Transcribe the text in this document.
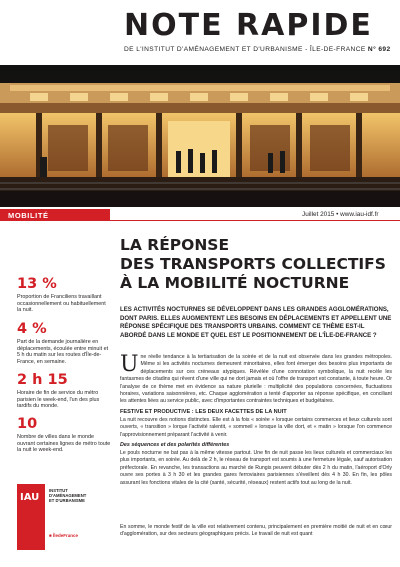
NOTE RAPIDE
DE L'INSTITUT D'AMÉNAGEMENT ET D'URBANISME - ÎLE-DE-FRANCE N° 692
MOBILITÉ	Juillet 2015 • www.iau-idf.fr
LA RÉPONSE
DES TRANSPORTS COLLECTIFS
À LA MOBILITÉ NOCTURNE
13 %
Proportion de Franciliens travaillant occasionnellement ou habituellement la nuit.
4 %
Part de la demande journalière en déplacements, écoulée entre minuit et 5 h du matin sur les routes d'Île-de-France, en semaine.
2 h 15
Horaire de fin de service du métro parisien le week-end, l'un des plus tardifs du monde.
10
Nombre de villes dans le monde ouvrant certaines lignes de métro toute la nuit le week-end.
IAU
INSTITUT
D'AMÉNAGEMENT
ET D'URBANISME
■ ÎledeFrance
LES ACTIVITÉS NOCTURNES SE DÉVELOPPENT DANS LES GRANDES AGGLOMÉRATIONS, DONT PARIS. ELLES AUGMENTENT LES BESOINS EN DÉPLACEMENTS ET APPELLENT UNE RÉPONSE SPÉCIFIQUE DES TRANSPORTS URBAINS. COMMENT CE THÈME EST-IL ABORDÉ DANS LE MONDE ET QUEL EST LE POSITIONNEMENT DE L'ÎLE-DE-FRANCE ?
U ne réelle tendance à la tertiarisation de la soirée et de la nuit est observée dans les grandes métropoles. Même si les activités nocturnes demeurent minoritaires, elles font émerger des besoins plus importants de déplacements sur ces créneaux atypiques. Révélée d'une connotation symbolique, la nuit recèle les fantasmes de citadins qui rêvent d'une ville qui ne dort jamais et où l'offre de transport est constante, à toute heure. Or l'analyse de ce thème met en évidence sa nature plurielle : multiplicité des populations concernées, fluctuations horaires, variations saisonnières, etc. Chaque agglomération a tenté d'apporter sa réponse spécifique, en conciliant les attentes liées au service public, avec d'importantes contraintes techniques et budgétaires.
FESTIVE ET PRODUCTIVE : LES DEUX FACETTES DE LA NUIT
La nuit recouvre des notions distinctes. Elle est à la fois « soirée » lorsque certains commerces et lieux culturels sont ouverts, « transition » lorque l'activité ralentit, « sommeil » lorsque la ville dort, et « matin » lorsque l'on commence l'approvisionnement préparant l'activité à venir.
Des séquences et des polarités différentes
Le pouls nocturne ne bat pas à la même vitesse partout. Une fin de nuit passe les lieux culturels et commerciaux les plus importants, en soirée. Au delà de 2 h, le réseau de transport est soumis à une fermeture légale, sauf autorisation préfectorale. En revanche, les transactions au marché de Rungis peuvent débuter dès 2 h du matin, l'aéroport d'Orly ouvre ses portes à 3 h 30 et les grandes gares ferroviaires parisiennes s'éveillent dès 4 h 30. En fin, les pôles assurant les fonctions vitales de la cité (santé, sécurité, réseaux) restent actifs tout au long de la nuit.
En somme, le monde festif de la ville est relativement contenu, principalement en première moitié de nuit et en cœur d'agglomération, sur des secteurs géographiques précis. Le travail de nuit est quant
